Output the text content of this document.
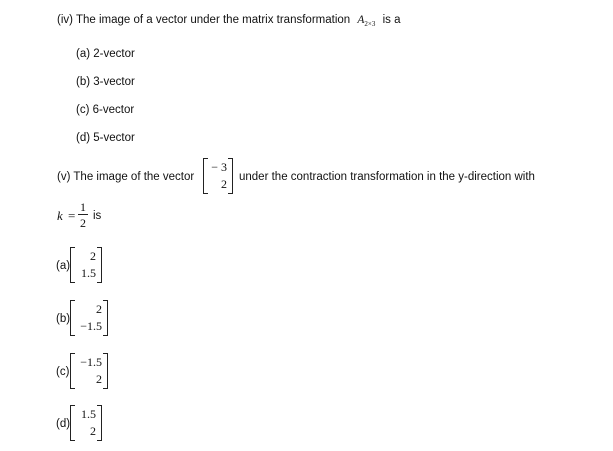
(iv) The image of a vector under the matrix transformation $A_{2\times 3}$ is a
(a) 2-vector
(b) 3-vector
(c) 6-vector
(d) 5-vector
(v) The image of the vector
− 3
2 under the contraction transformation in the y-direction with
k =
1
2 is
(a)
2
1.5
(b)
2
−1.5
(c)
−1.5
2
(d)
1.5
2
